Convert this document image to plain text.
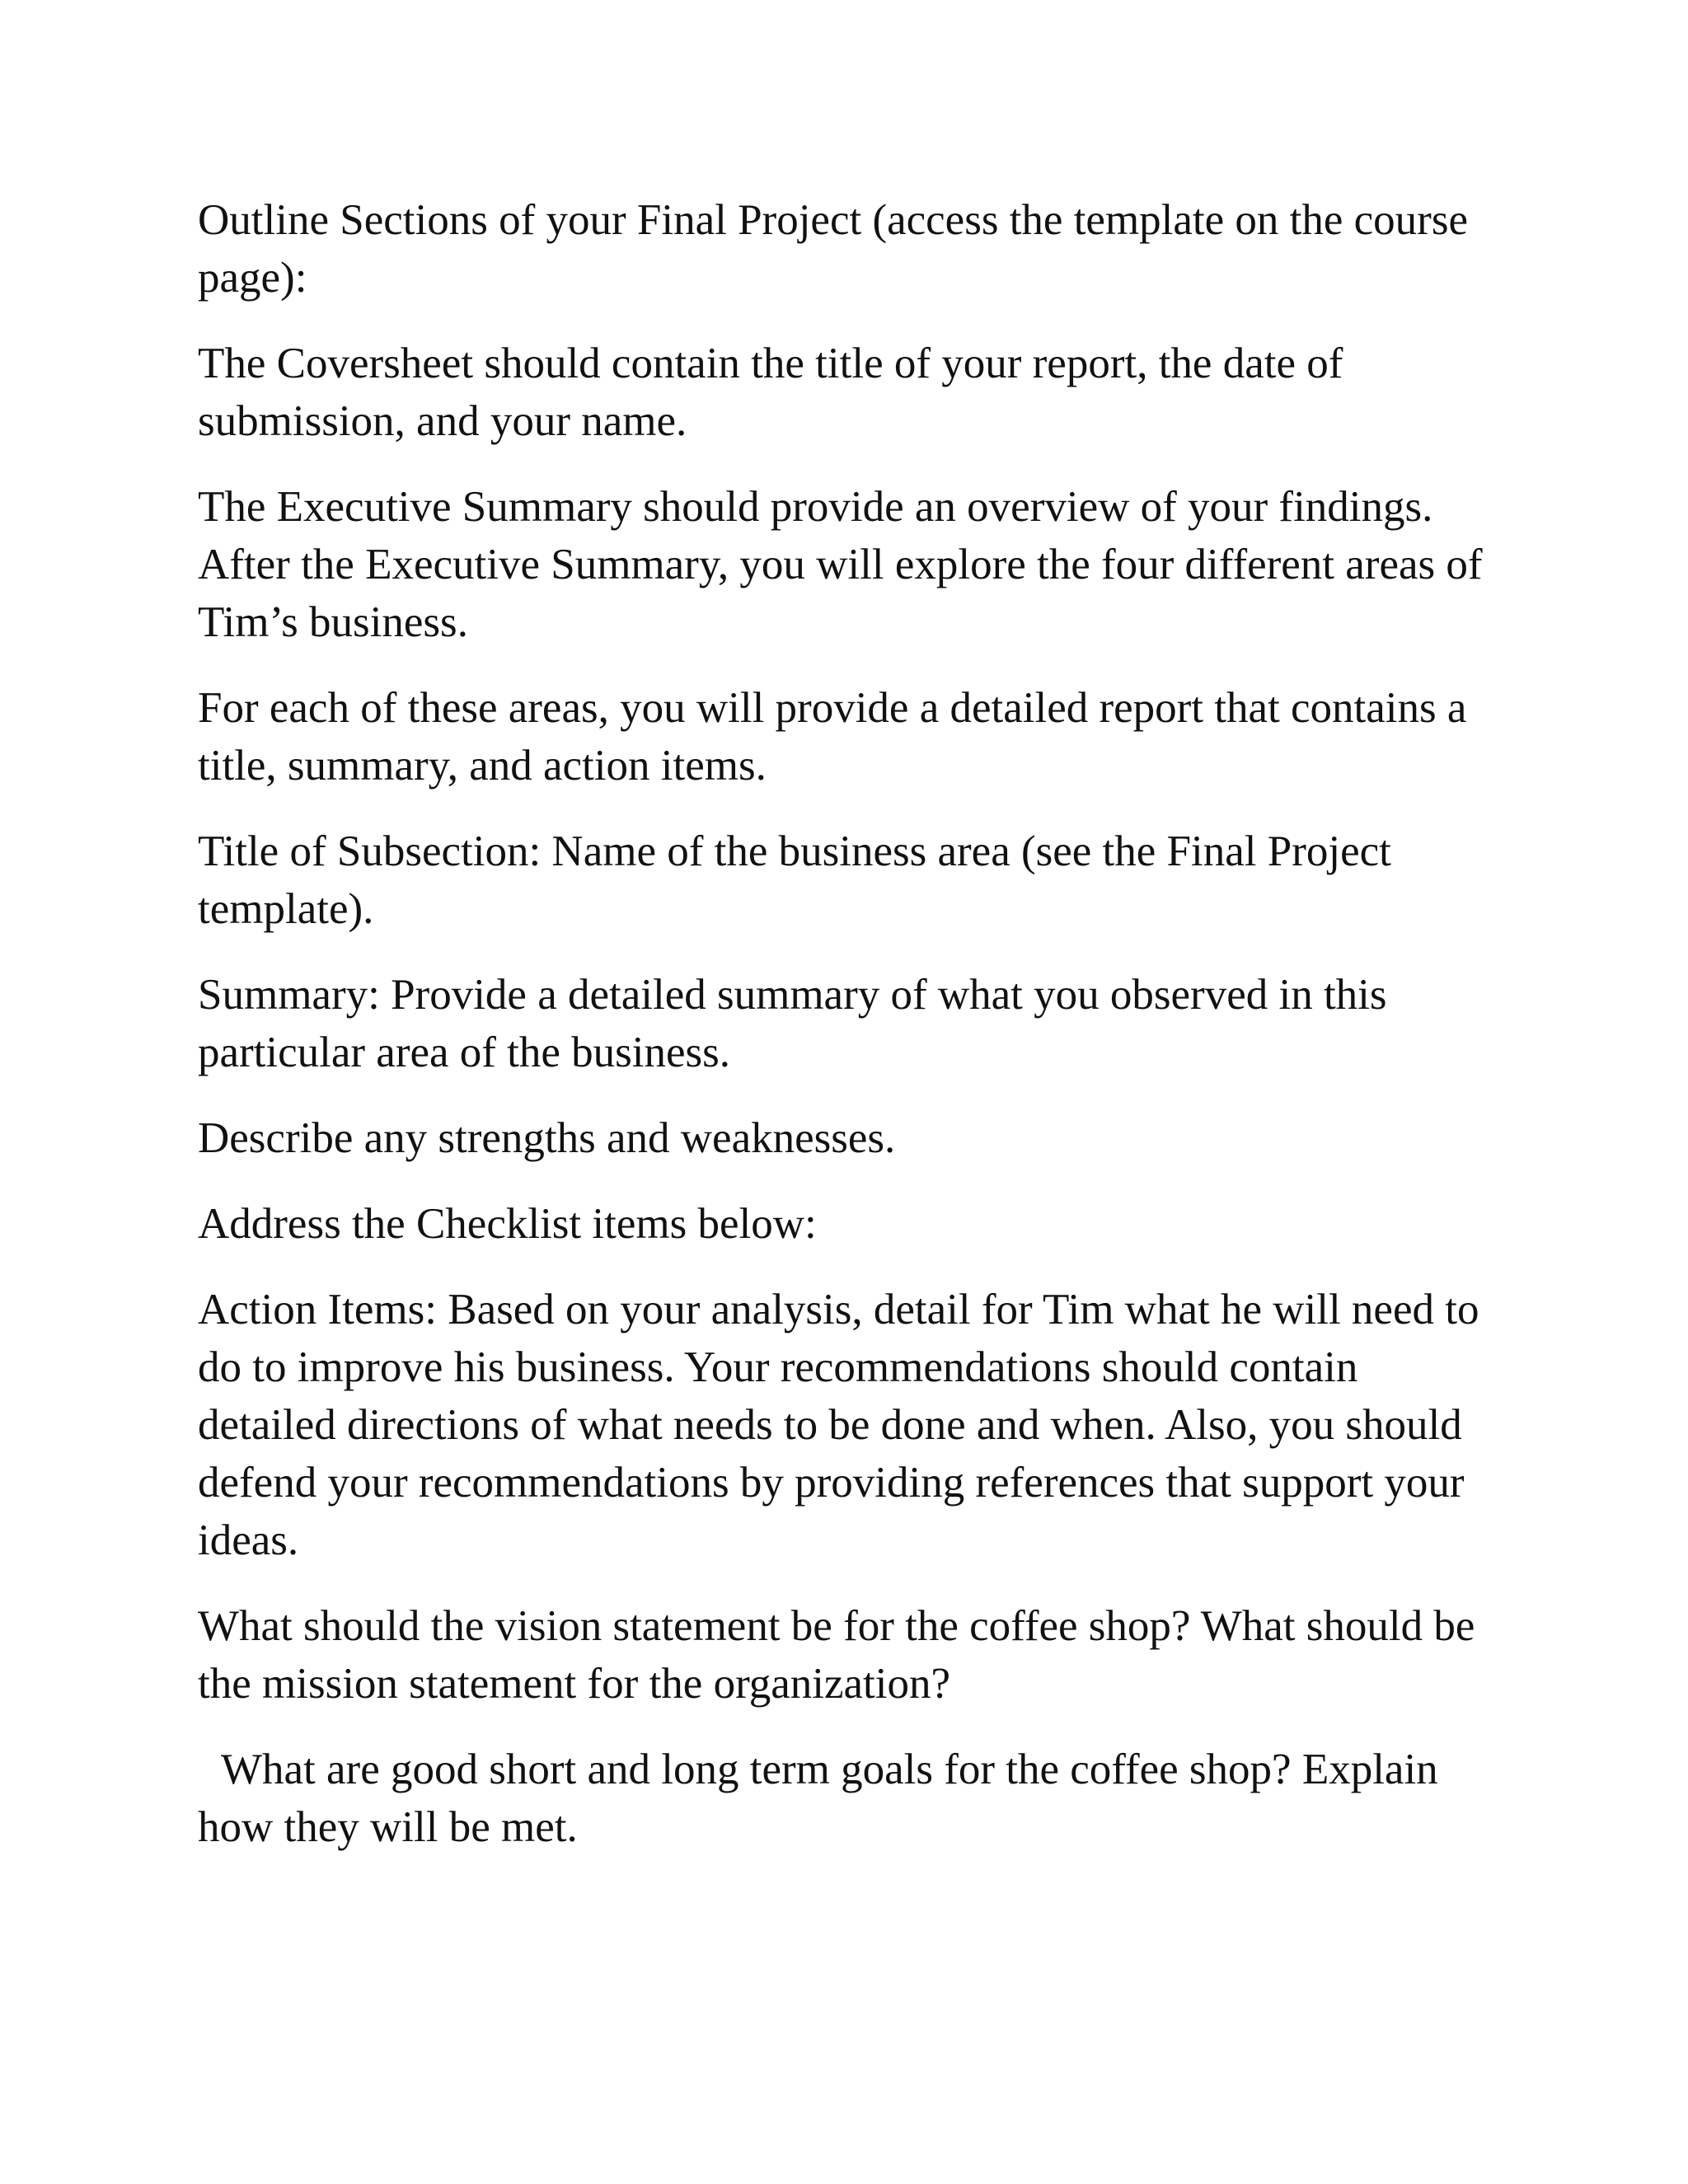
Outline Sections of your Final Project (access the template on the course page):

The Coversheet should contain the title of your report, the date of submission, and your name.

The Executive Summary should provide an overview of your findings. After the Executive Summary, you will explore the four different areas of Tim’s business.

For each of these areas, you will provide a detailed report that contains a title, summary, and action items.

Title of Subsection: Name of the business area (see the Final Project template).

Summary: Provide a detailed summary of what you observed in this particular area of the business.

Describe any strengths and weaknesses.

Address the Checklist items below:

Action Items: Based on your analysis, detail for Tim what he will need to do to improve his business. Your recommendations should contain detailed directions of what needs to be done and when. Also, you should defend your recommendations by providing references that support your ideas.

What should the vision statement be for the coffee shop? What should be the mission statement for the organization?

What are good short and long term goals for the coffee shop? Explain how they will be met.
